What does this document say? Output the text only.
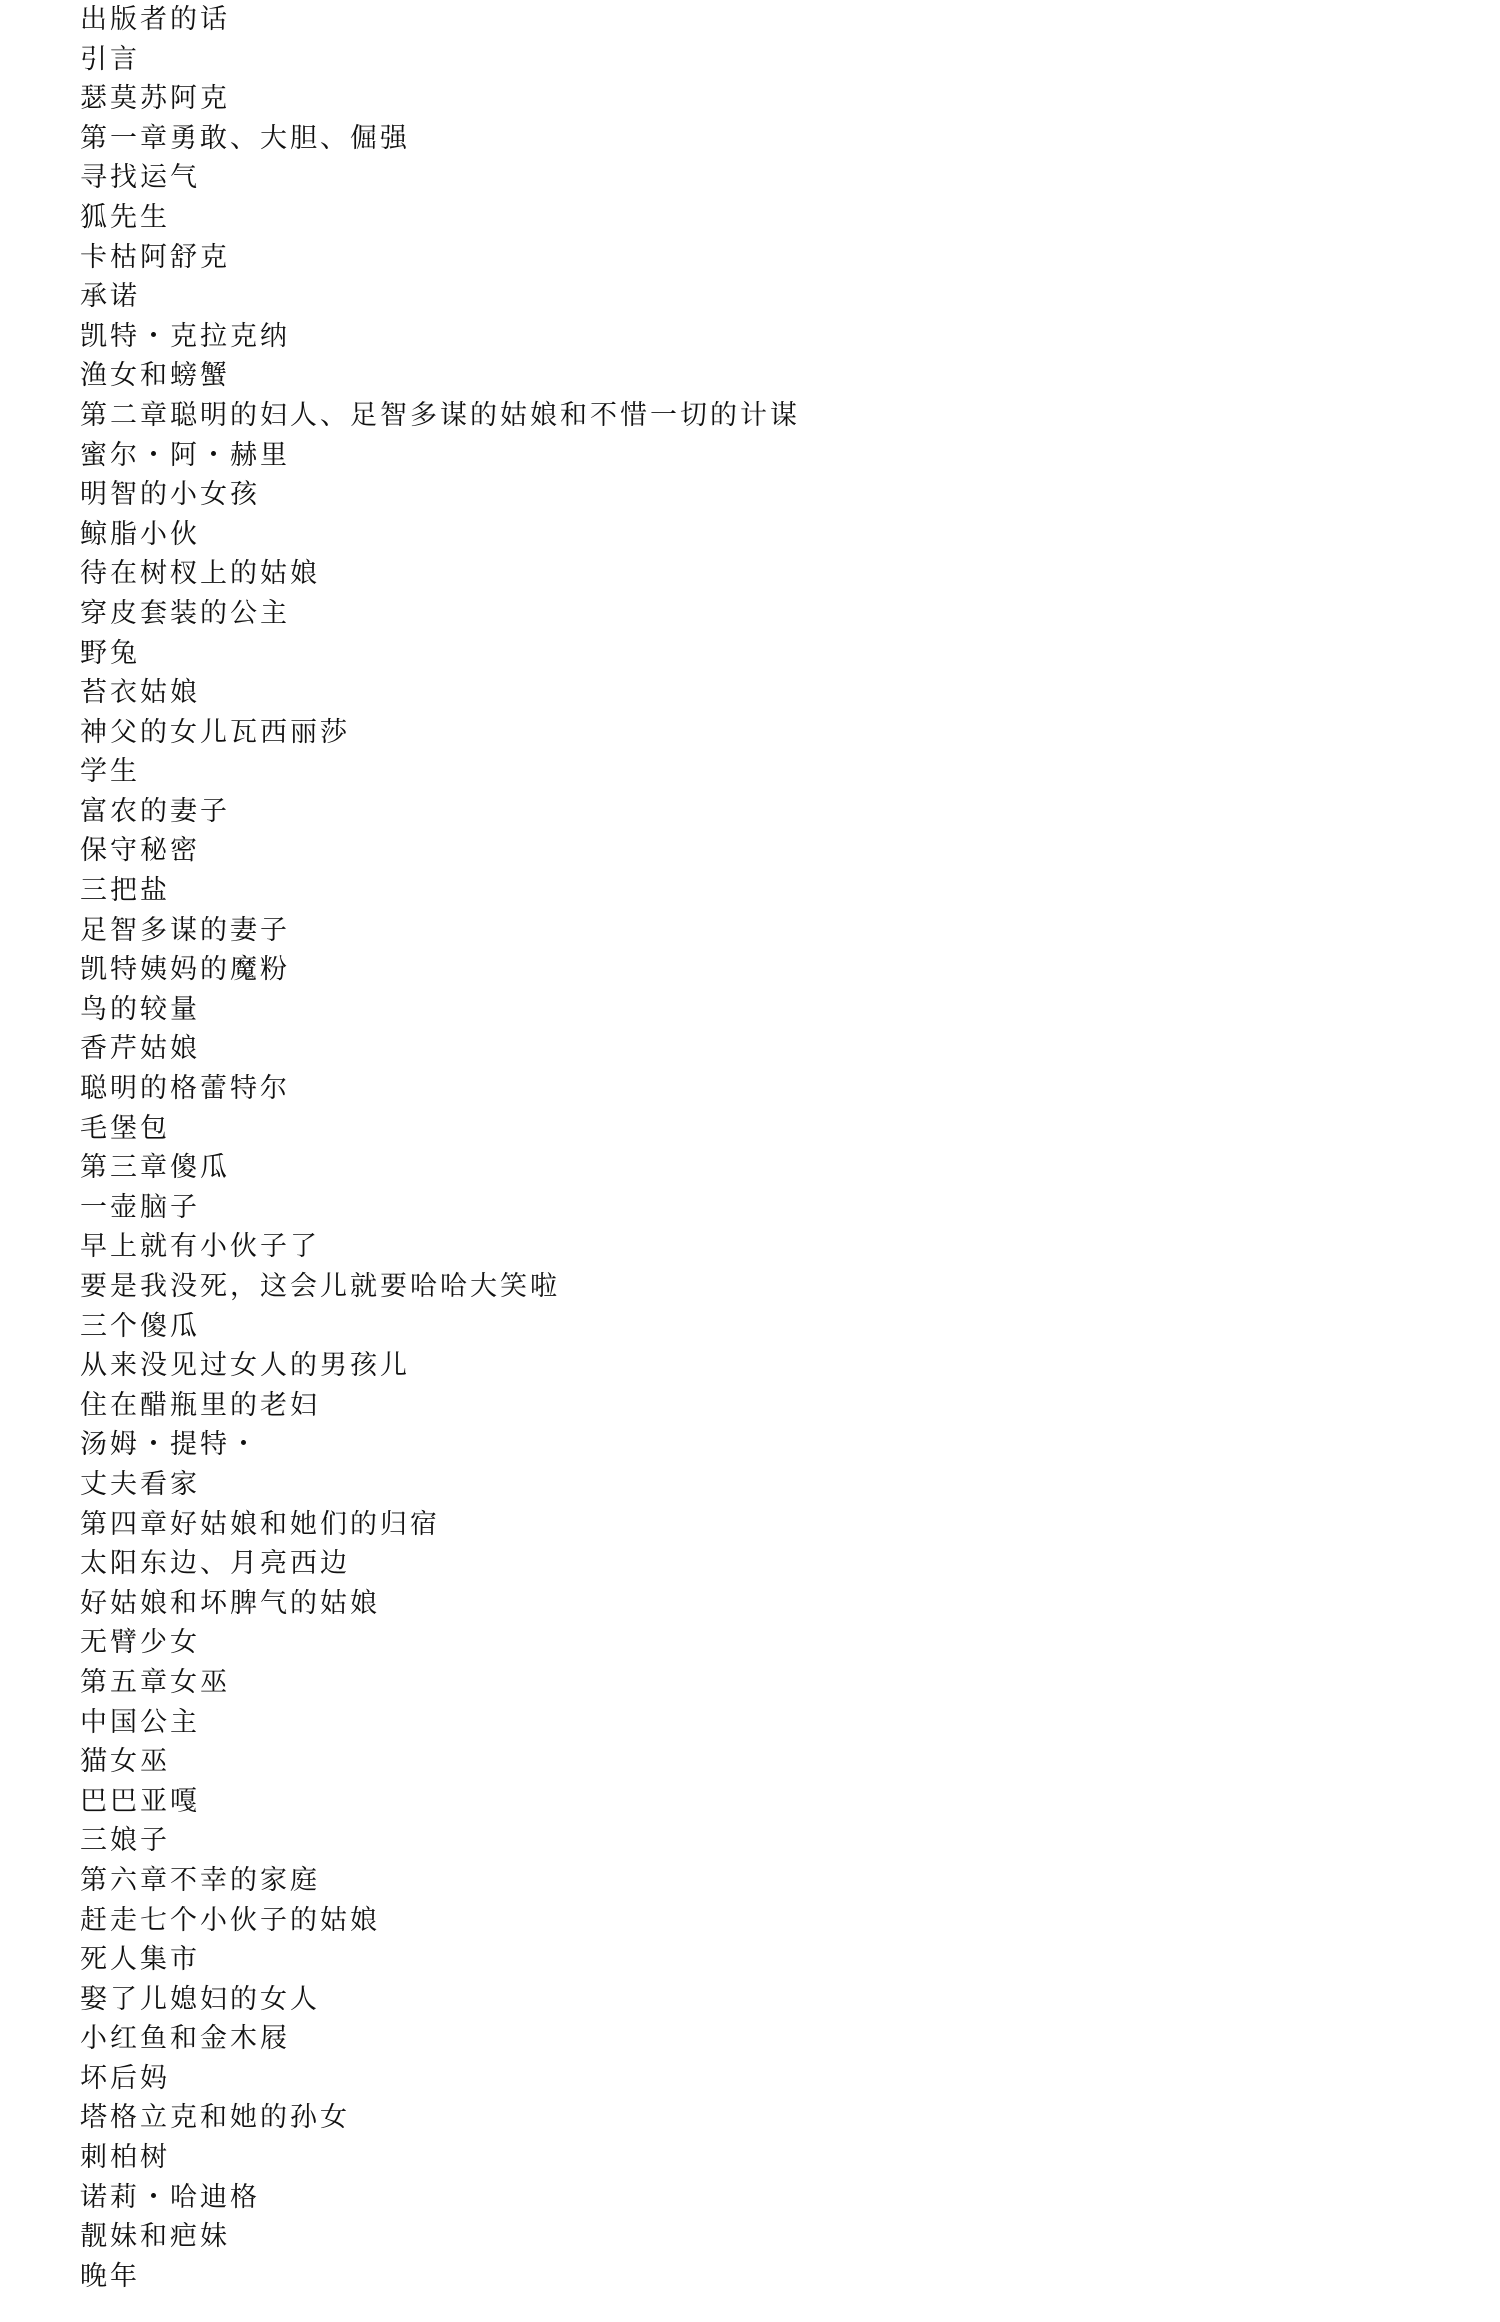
出版者的话
引言
瑟莫苏阿克
第一章勇敢、大胆、倔强
寻找运气
狐先生
卡枯阿舒克
承诺
凯特・克拉克纳
渔女和螃蟹
第二章聪明的妇人、足智多谋的姑娘和不惜一切的计谋
蜜尔・阿・赫里
明智的小女孩
鲸脂小伙
待在树杈上的姑娘
穿皮套装的公主
野兔
苔衣姑娘
神父的女儿瓦西丽莎
学生
富农的妻子
保守秘密
三把盐
足智多谋的妻子
凯特姨妈的魔粉
鸟的较量
香芹姑娘
聪明的格蕾特尔
毛堡包
第三章傻瓜
一壶脑子
早上就有小伙子了
要是我没死，这会儿就要哈哈大笑啦
三个傻瓜
从来没见过女人的男孩儿
住在醋瓶里的老妇
汤姆・提特・
丈夫看家
第四章好姑娘和她们的归宿
太阳东边、月亮西边
好姑娘和坏脾气的姑娘
无臂少女
第五章女巫
中国公主
猫女巫
巴巴亚嘎
三娘子
第六章不幸的家庭
赶走七个小伙子的姑娘
死人集市
娶了儿媳妇的女人
小红鱼和金木屐
坏后妈
塔格立克和她的孙女
刺柏树
诺莉・哈迪格
靓妹和疤妹
晚年
